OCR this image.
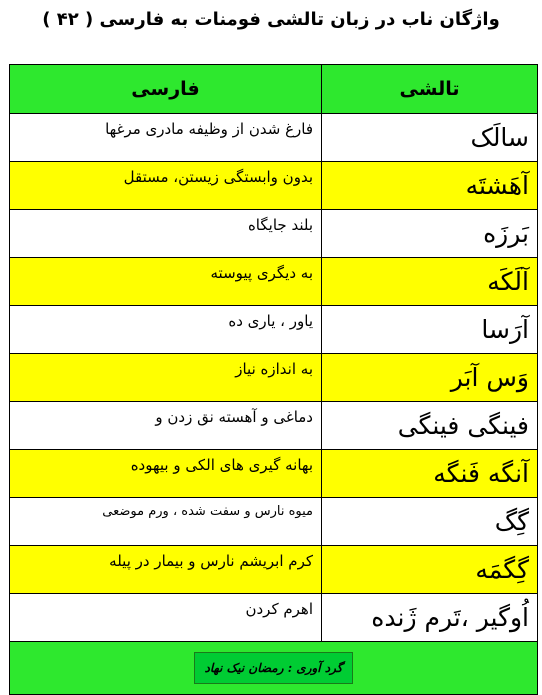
واژگان ناب در زبان تالشی فومنات به فارسی ( ۴۲ )
تالشی	فارسی
سالَک	فارغ شدن از وظیفه مادری مرغها
آهَشتَه	بدون وابستگی زیستن، مستقل
بَرزَه	بلند جایگاه
آلَکَه	به دیگری پیوسته
آرَسا	یاور ، یاری ده
وَس آبَر	به اندازه نیاز
فینگی فینگی	دماغی و آهسته نق زدن و
آنگه فَنگه	بهانه گیری های الکی و بیهوده
گِگ	میوه نارس و سفت شده ، ورم موضعی
گِگمَه	کرم ابریشم نارس و بیمار در پیله
اُوگیر ،تَرم ژَنده	اهرم کردن
گرد آوری : رمضان نیک نهاد	
